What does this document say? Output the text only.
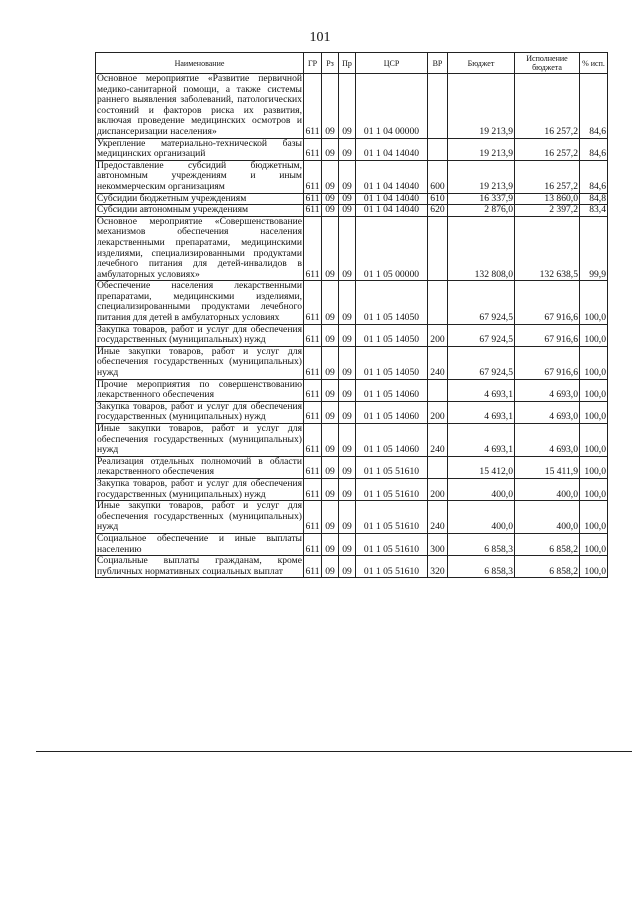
101
Наименование	ГР	Рз	Пр	ЦСР	ВР	Бюджет	Исполнение бюджета	% исп.
Основное мероприятие «Развитие первичной медико-санитарной помощи, а также системы раннего выявления заболеваний, патологических состояний и факторов риска их развития, включая проведение медицинских осмотров и диспансеризации населения»	611	09	09	01 1 04 00000		19 213,9	16 257,2	84,6
Укрепление материально-технической базы медицинских организаций	611	09	09	01 1 04 14040		19 213,9	16 257,2	84,6
Предоставление субсидий бюджетным, автономным учреждениям и иным некоммерческим организациям	611	09	09	01 1 04 14040	600	19 213,9	16 257,2	84,6
Субсидии бюджетным учреждениям	611	09	09	01 1 04 14040	610	16 337,9	13 860,0	84,8
Субсидии автономным учреждениям	611	09	09	01 1 04 14040	620	2 876,0	2 397,2	83,4
Основное мероприятие «Совершенствование механизмов обеспечения населения лекарственными препаратами, медицинскими изделиями, специализированными продуктами лечебного питания для детей-инвалидов в амбулаторных условиях»	611	09	09	01 1 05 00000		132 808,0	132 638,5	99,9
Обеспечение населения лекарственными препаратами, медицинскими изделиями, специализированными продуктами лечебного питания для детей в амбулаторных условиях	611	09	09	01 1 05 14050		67 924,5	67 916,6	100,0
Закупка товаров, работ и услуг для обеспечения государственных (муниципальных) нужд	611	09	09	01 1 05 14050	200	67 924,5	67 916,6	100,0
Иные закупки товаров, работ и услуг для обеспечения государственных (муниципальных) нужд	611	09	09	01 1 05 14050	240	67 924,5	67 916,6	100,0
Прочие мероприятия по совершенствованию лекарственного обеспечения	611	09	09	01 1 05 14060		4 693,1	4 693,0	100,0
Закупка товаров, работ и услуг для обеспечения государственных (муниципальных) нужд	611	09	09	01 1 05 14060	200	4 693,1	4 693,0	100,0
Иные закупки товаров, работ и услуг для обеспечения государственных (муниципальных) нужд	611	09	09	01 1 05 14060	240	4 693,1	4 693,0	100,0
Реализация отдельных полномочий в области лекарственного обеспечения	611	09	09	01 1 05 51610		15 412,0	15 411,9	100,0
Закупка товаров, работ и услуг для обеспечения государственных (муниципальных) нужд	611	09	09	01 1 05 51610	200	400,0	400,0	100,0
Иные закупки товаров, работ и услуг для обеспечения государственных (муниципальных) нужд	611	09	09	01 1 05 51610	240	400,0	400,0	100,0
Социальное обеспечение и иные выплаты населению	611	09	09	01 1 05 51610	300	6 858,3	6 858,2	100,0
Социальные выплаты гражданам, кроме публичных нормативных социальных выплат	611	09	09	01 1 05 51610	320	6 858,3	6 858,2	100,0
